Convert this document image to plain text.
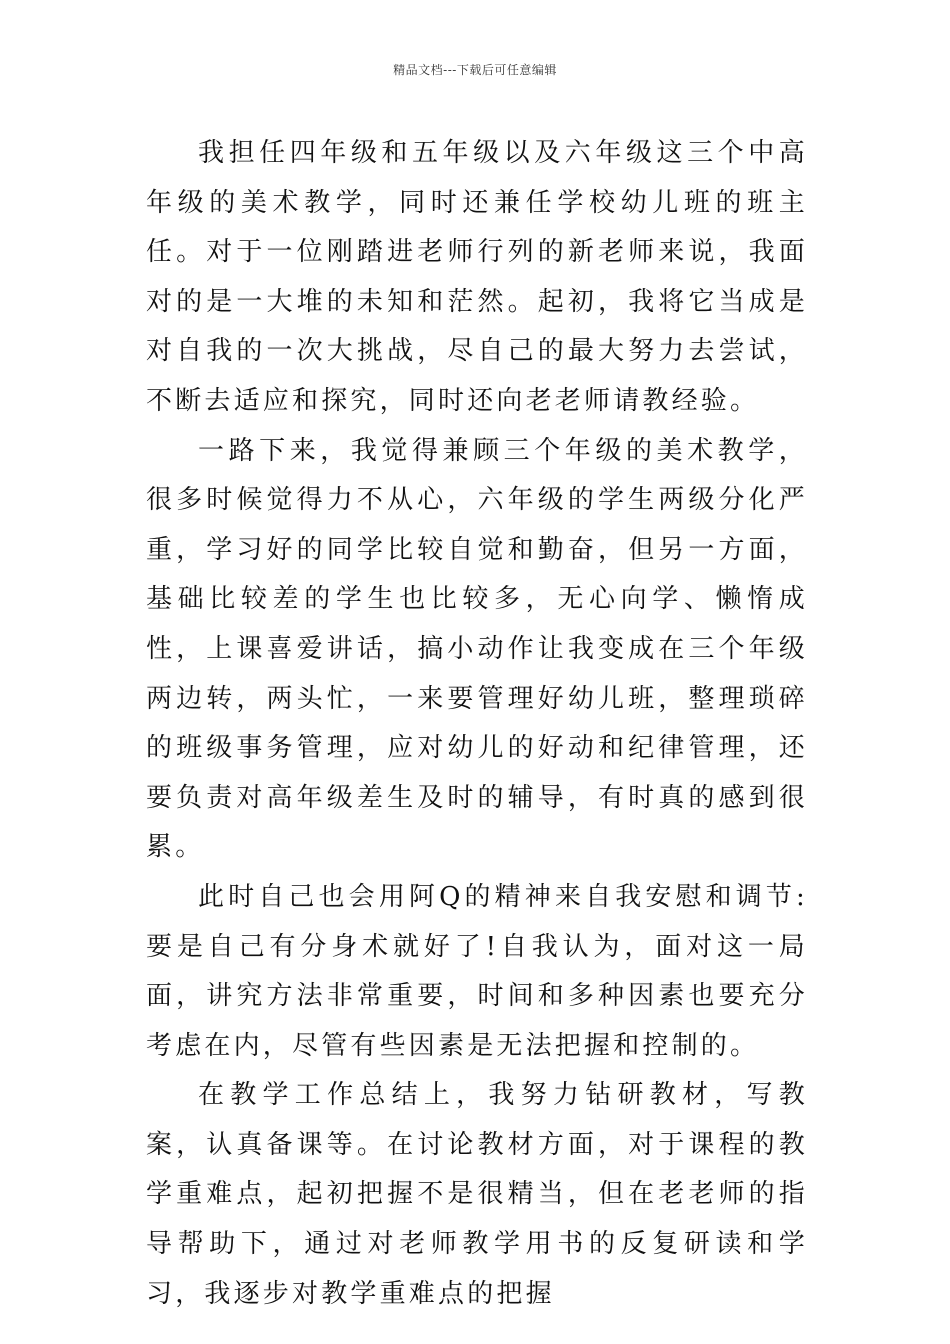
精品文档---下载后可任意编辑

我担任四年级和五年级以及六年级这三个中高年级的美术教学，同时还兼任学校幼儿班的班主任。对于一位刚踏进老师行列的新老师来说，我面对的是一大堆的未知和茫然。起初，我将它当成是对自我的一次大挑战，尽自己的最大努力去尝试，不断去适应和探究，同时还向老老师请教经验。

一路下来，我觉得兼顾三个年级的美术教学，很多时候觉得力不从心，六年级的学生两级分化严重，学习好的同学比较自觉和勤奋，但另一方面，基础比较差的学生也比较多，无心向学、懒惰成性，上课喜爱讲话，搞小动作让我变成在三个年级两边转，两头忙，一来要管理好幼儿班，整理琐碎的班级事务管理，应对幼儿的好动和纪律管理，还要负责对高年级差生及时的辅导，有时真的感到很累。

此时自己也会用阿Q的精神来自我安慰和调节:要是自己有分身术就好了!自我认为，面对这一局面，讲究方法非常重要，时间和多种因素也要充分考虑在内，尽管有些因素是无法把握和控制的。

在教学工作总结上，我努力钻研教材，写教案，认真备课等。在讨论教材方面，对于课程的教学重难点，起初把握不是很精当，但在老老师的指导帮助下，通过对老师教学用书的反复研读和学习，我逐步对教学重难点的把握
